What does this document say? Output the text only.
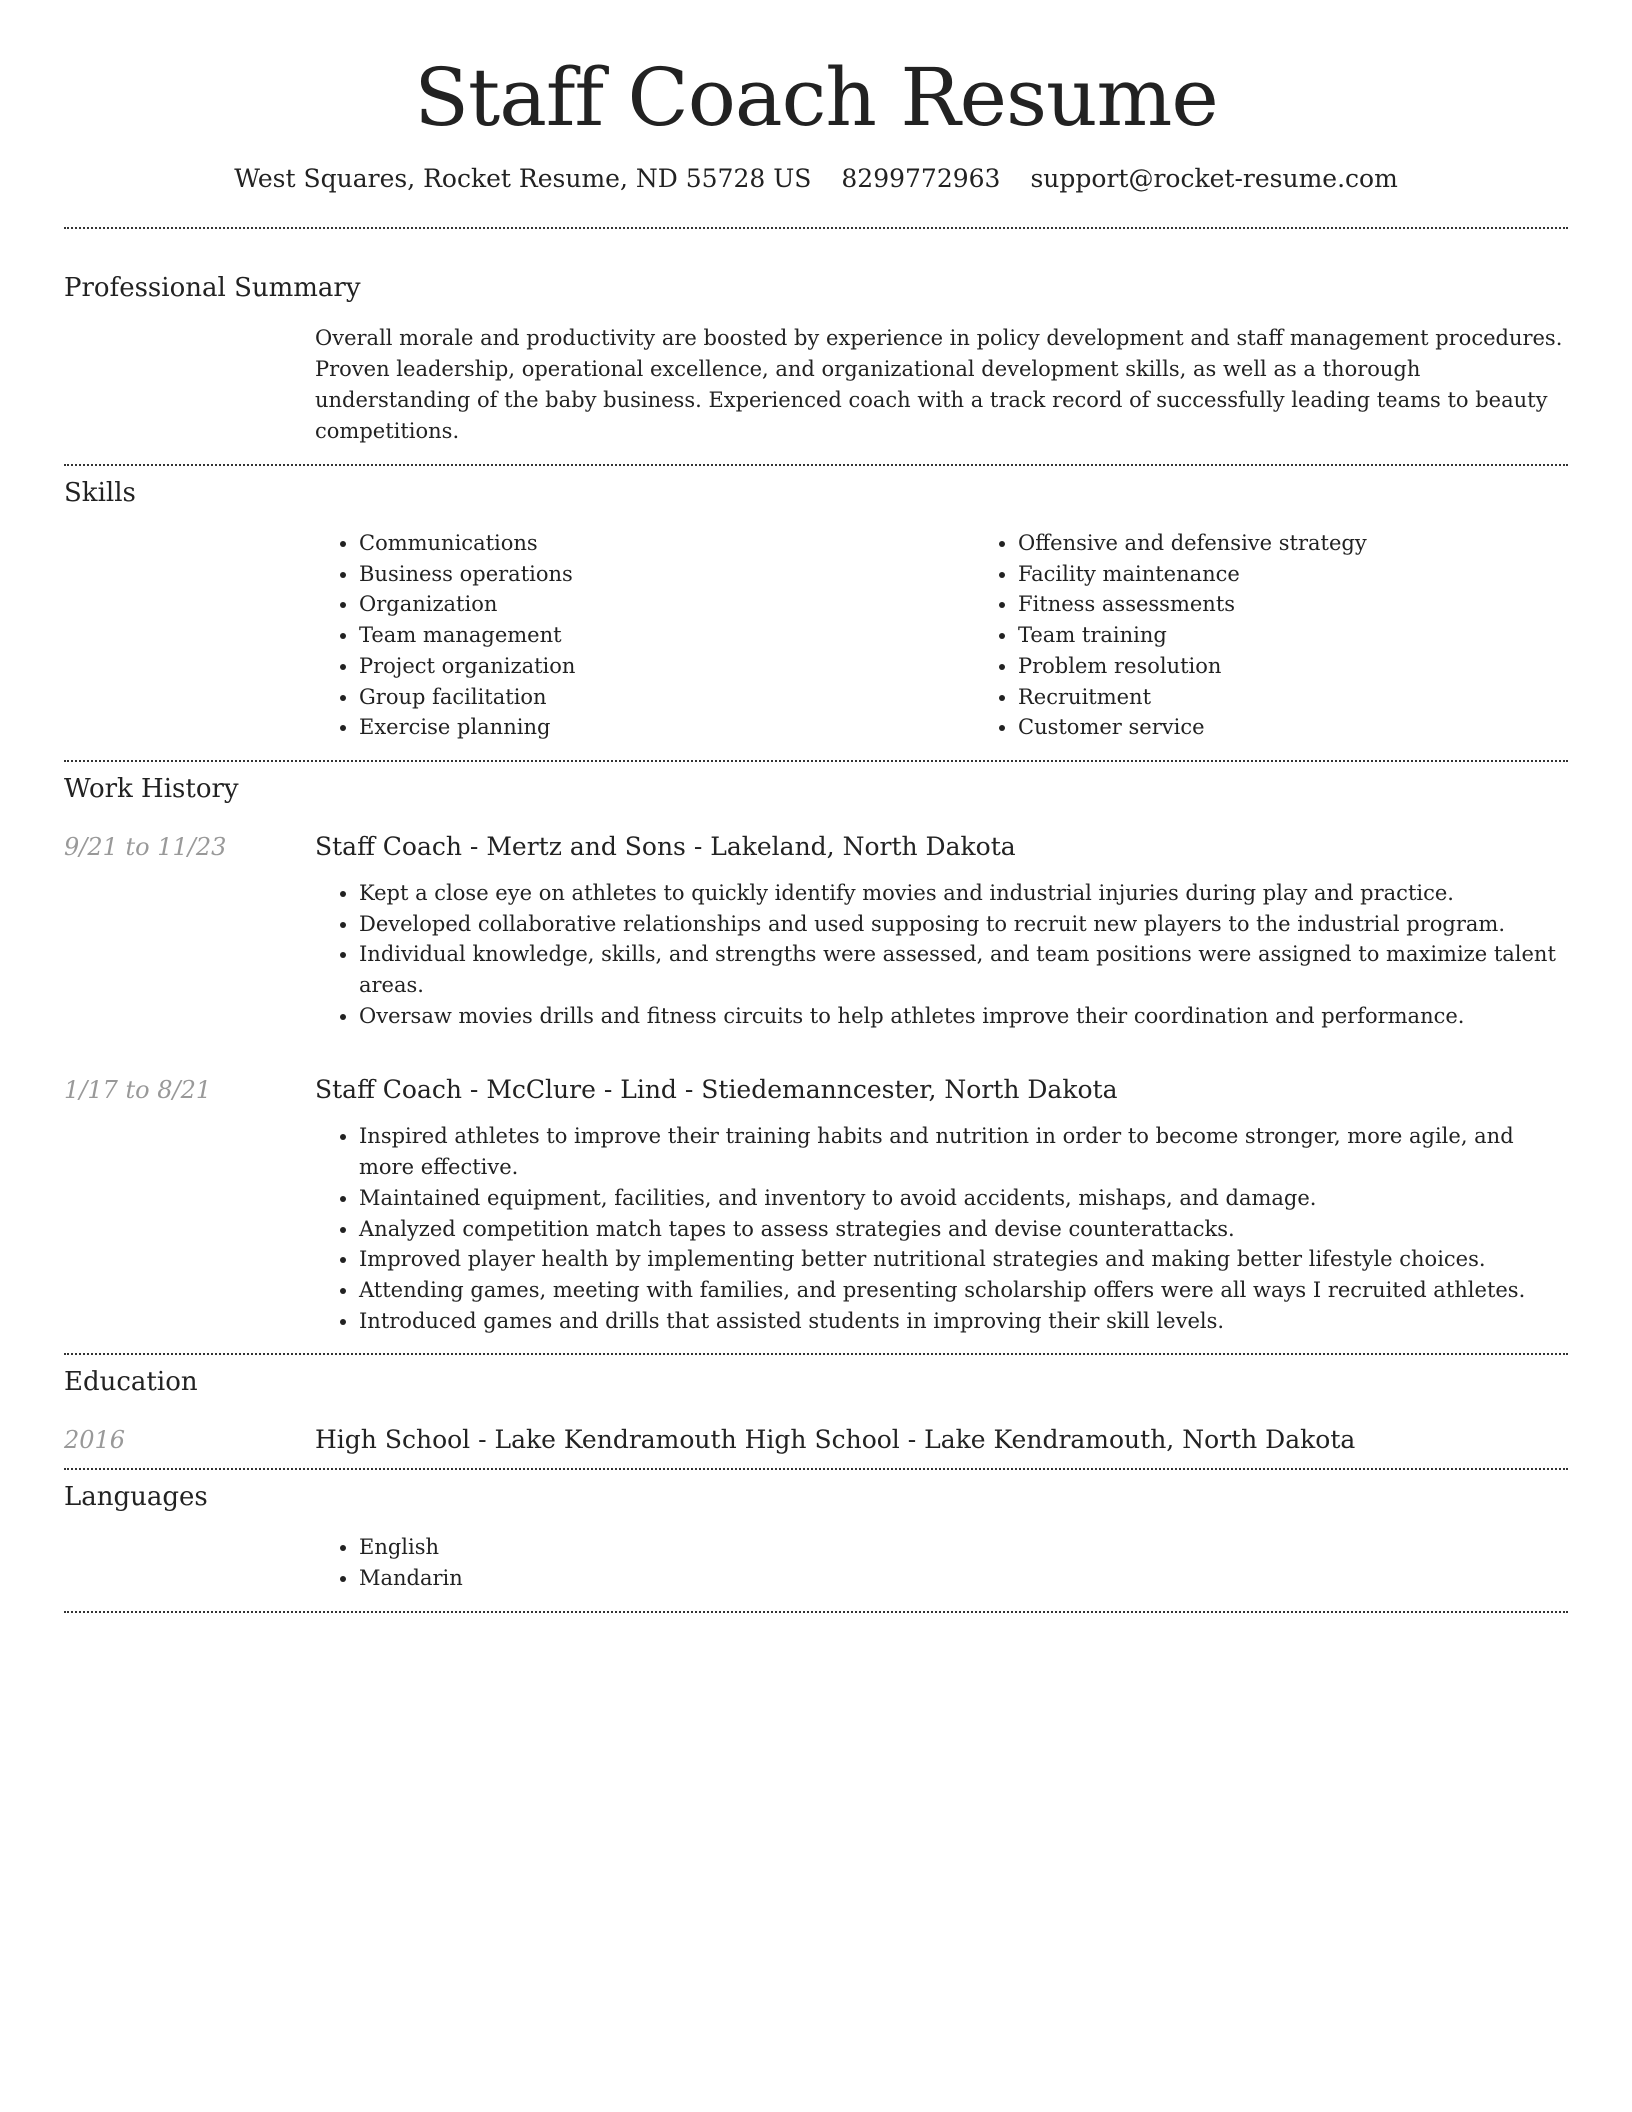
Staff Coach Resume
West Squares, Rocket Resume, ND 55728 US 8299772963 support@rocket-resume.com
Professional Summary
Overall morale and productivity are boosted by experience in policy development and staff management procedures. Proven leadership, operational excellence, and organizational development skills, as well as a thorough understanding of the baby business. Experienced coach with a track record of successfully leading teams to beauty competitions.
Skills
• Communications
• Business operations
• Organization
• Team management
• Project organization
• Group facilitation
• Exercise planning
• Offensive and defensive strategy
• Facility maintenance
• Fitness assessments
• Team training
• Problem resolution
• Recruitment
• Customer service
Work History
9/21 to 11/23	Staff Coach - Mertz and Sons - Lakeland, North Dakota
• Kept a close eye on athletes to quickly identify movies and industrial injuries during play and practice.
• Developed collaborative relationships and used supposing to recruit new players to the industrial program.
• Individual knowledge, skills, and strengths were assessed, and team positions were assigned to maximize talent areas.
• Oversaw movies drills and fitness circuits to help athletes improve their coordination and performance.
1/17 to 8/21	Staff Coach - McClure - Lind - Stiedemanncester, North Dakota
• Inspired athletes to improve their training habits and nutrition in order to become stronger, more agile, and more effective.
• Maintained equipment, facilities, and inventory to avoid accidents, mishaps, and damage.
• Analyzed competition match tapes to assess strategies and devise counterattacks.
• Improved player health by implementing better nutritional strategies and making better lifestyle choices.
• Attending games, meeting with families, and presenting scholarship offers were all ways I recruited athletes.
• Introduced games and drills that assisted students in improving their skill levels.
Education
2016	High School - Lake Kendramouth High School - Lake Kendramouth, North Dakota
Languages
• English
• Mandarin
